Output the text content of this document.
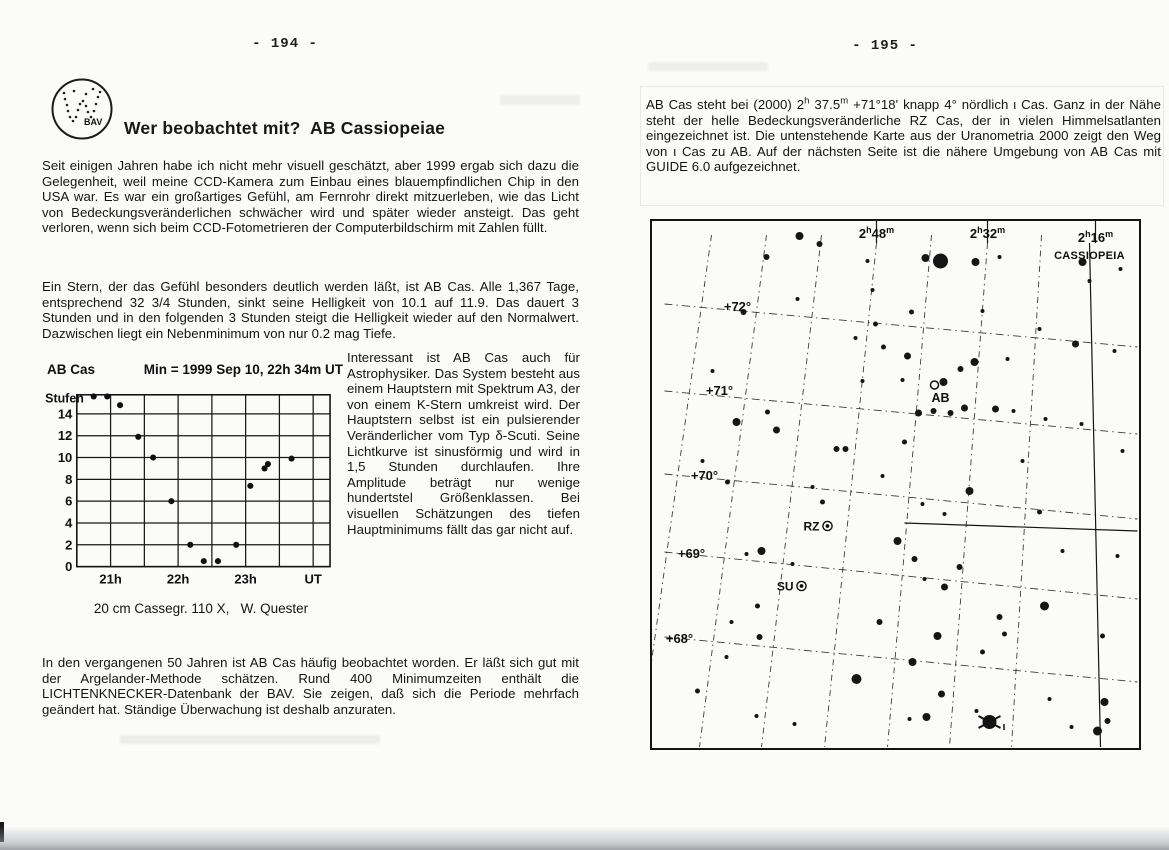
- 194 -
BAV Wer beobachtet mit?  AB Cassiopeiae
Seit einigen Jahren habe ich nicht mehr visuell geschätzt, aber 1999 ergab sich dazu die Gelegenheit, weil meine CCD-Kamera zum Einbau eines blauempfindlichen Chip in den USA war. Es war ein großartiges Gefühl, am Fernrohr direkt mitzuerleben, wie das Licht von Bedeckungsveränderlichen schwächer wird und später wieder ansteigt. Das geht verloren, wenn sich beim CCD-Fotometrieren der Computerbildschirm mit Zahlen füllt.
Ein Stern, der das Gefühl besonders deutlich werden läßt, ist AB Cas. Alle 1,367 Tage, entsprechend 32 3/4 Stunden, sinkt seine Helligkeit von 10.1 auf 11.9. Das dauert 3 Stunden und in den folgenden 3 Stunden steigt die Helligkeit wieder auf den Normalwert. Dazwischen liegt ein Nebenminimum von nur 0.2 mag Tiefe.
AB Cas	Min = 1999 Sep 10, 22h 34m UT
0
2
4
6
8
10
12
14
Stufen
21h	22h	23h	UT
20 cm Cassegr. 110 X,   W. Quester
Interessant ist AB Cas auch für Astrophysiker. Das System besteht aus einem Hauptstern mit Spektrum A3, der von einem K-Stern umkreist wird. Der Hauptstern selbst ist ein pulsierender Veränderlicher vom Typ δ-Scuti. Seine Lichtkurve ist sinusförmig und wird in 1,5 Stunden durchlaufen. Ihre Amplitude beträgt nur wenige hundertstel Größenklassen. Bei visuellen Schätzungen des tiefen Hauptminimums fällt das gar nicht auf.
In den vergangenen 50 Jahren ist AB Cas häufig beobachtet worden. Er läßt sich gut mit der Argelander-Methode schätzen. Rund 400 Minimumzeiten enthält die LICHTENKNECKER-Datenbank der BAV. Sie zeigen, daß sich die Periode mehrfach geändert hat. Ständige Überwachung ist deshalb anzuraten.
- 195 -
AB Cas steht bei (2000) 2$^h$ $37.5^m +71^\circ 18'$ knapp 4° nördlich ι Cas. Ganz in der Nähe steht der helle Bedeckungsveränderliche RZ Cas, der in vielen Himmelsatlanten eingezeichnet ist. Die untenstehende Karte aus der Uranometria 2000 zeigt den Weg von ι Cas zu AB. Auf der nächsten Seite ist die nähere Umgebung von AB Cas mit GUIDE 6.0 aufgezeichnet.
2$^h$48$^m$	2$^h$32$^m$	2$^h$16$^m$
CASSIOPEIA
+72°
+71°
+70°
+69°
+68°
AB
RZ
SU
ι
